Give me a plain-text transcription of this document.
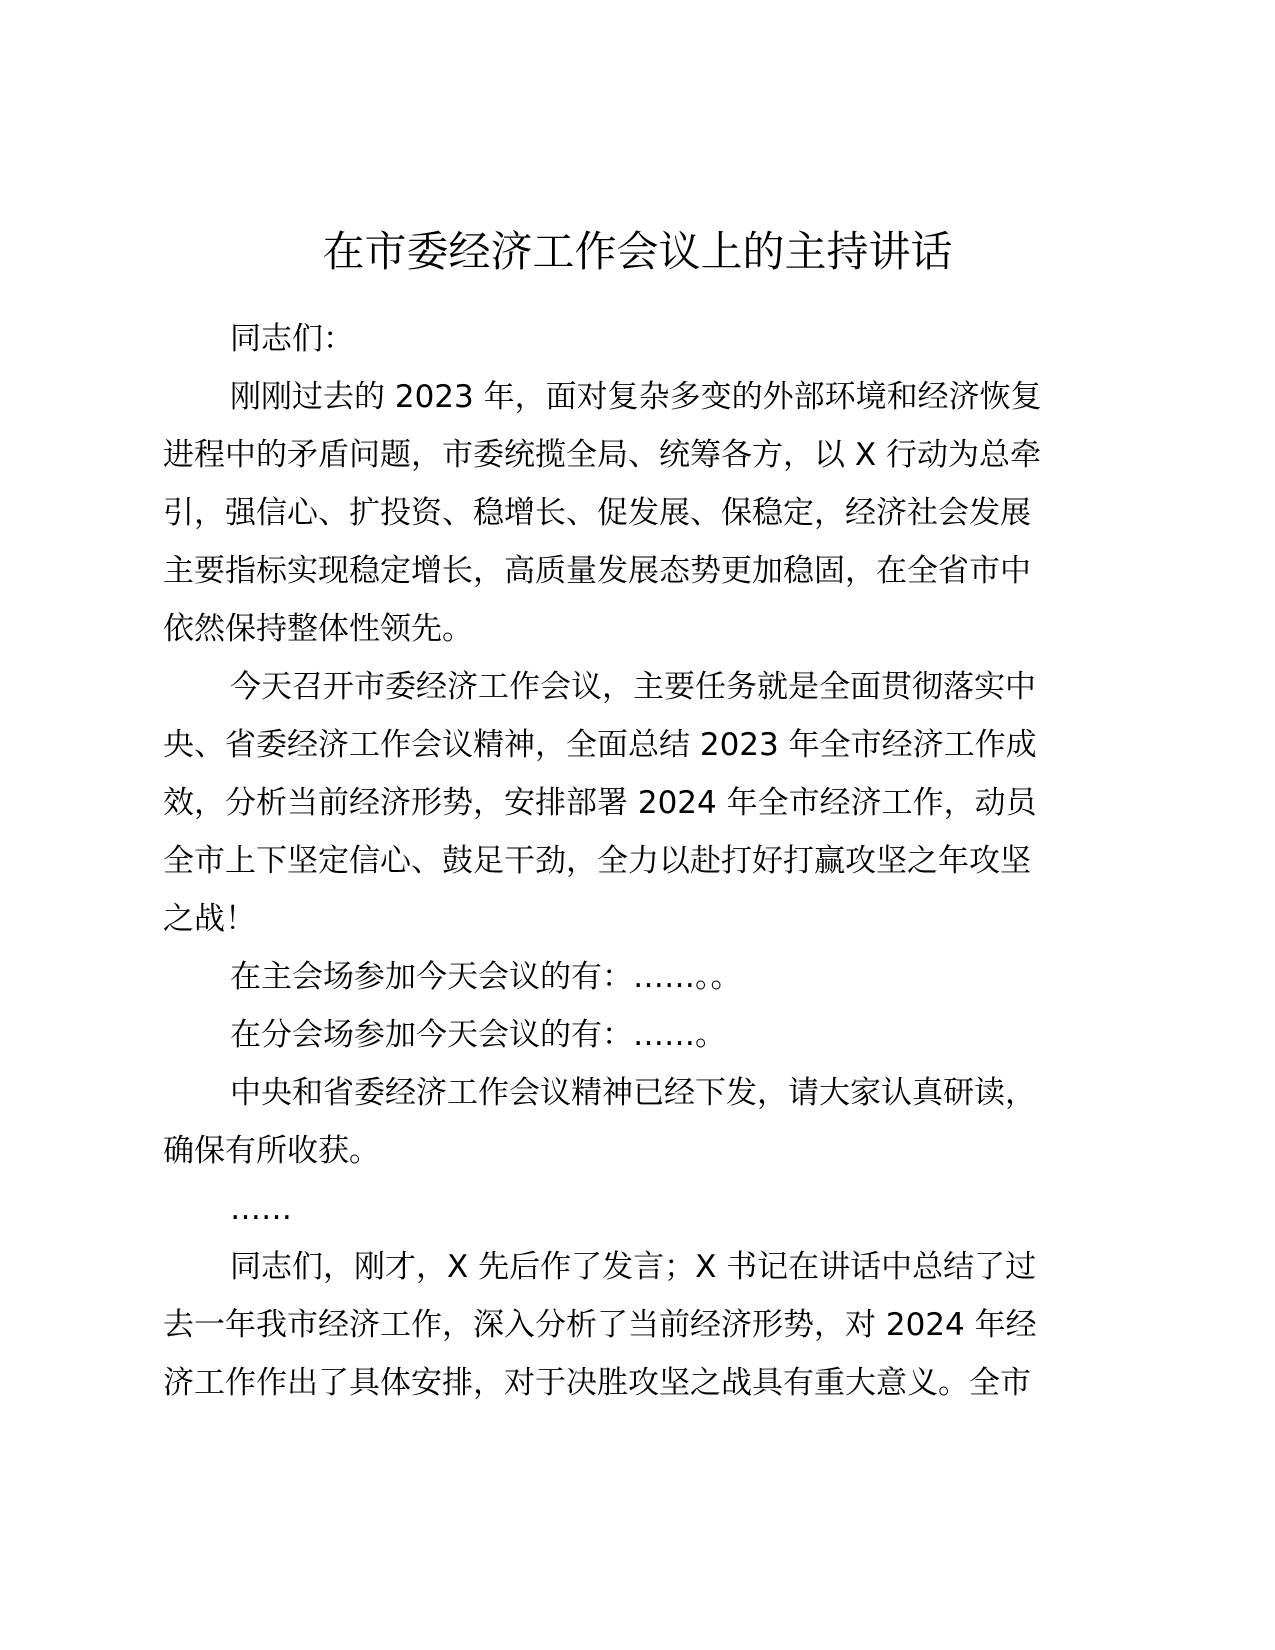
在市委经济工作会议上的主持讲话

同志们：

刚刚过去的 2023 年，面对复杂多变的外部环境和经济恢复
进程中的矛盾问题，市委统揽全局、统筹各方，以 X 行动为总牵
引，强信心、扩投资、稳增长、促发展、保稳定，经济社会发展
主要指标实现稳定增长，高质量发展态势更加稳固，在全省市中
依然保持整体性领先。

今天召开市委经济工作会议，主要任务就是全面贯彻落实中
央、省委经济工作会议精神，全面总结 2023 年全市经济工作成
效，分析当前经济形势，安排部署 2024 年全市经济工作，动员
全市上下坚定信心、鼓足干劲，全力以赴打好打赢攻坚之年攻坚
之战！

在主会场参加今天会议的有：……。。

在分会场参加今天会议的有：……。

中央和省委经济工作会议精神已经下发，请大家认真研读，
确保有所收获。

……

同志们，刚才，X 先后作了发言；X 书记在讲话中总结了过
去一年我市经济工作，深入分析了当前经济形势，对 2024 年经
济工作作出了具体安排，对于决胜攻坚之战具有重大意义。全市
